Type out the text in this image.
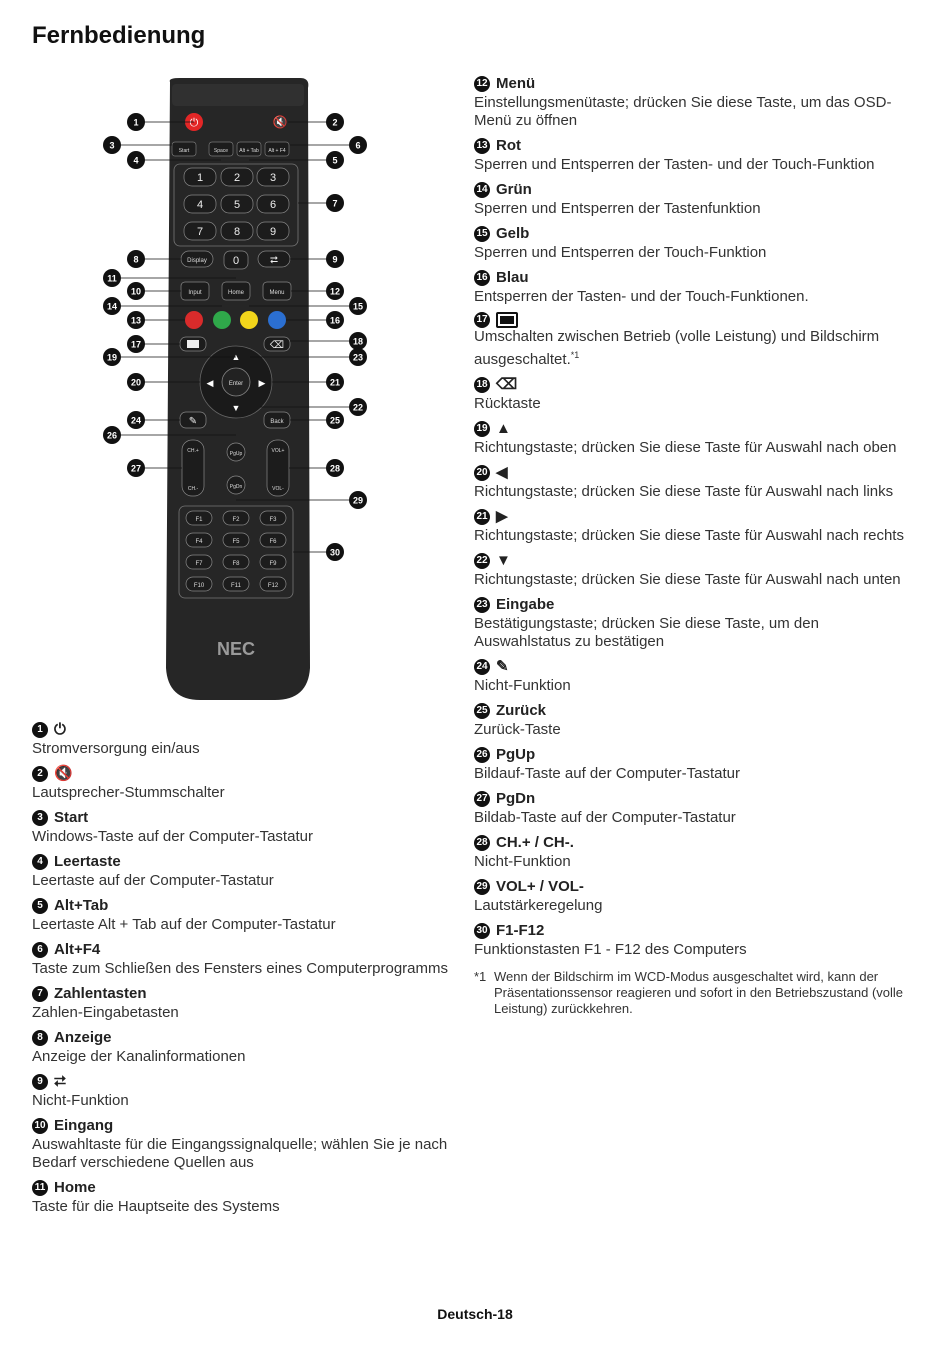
Fernbedienung
⏻	🔇
Start	Space Alt + Tab Alt + F4
1	2	3
4	5	6
7	8	9
Display 0	⮂
Input	Home	Menu
⌫
Enter
▲
▼
◀	▶
✎	Back
CH.+
CH.-
VOL+
VOL-
PgUp
PgDn
F1	F2	F3
F4	F5	F6
F7	F8	F9
F10	F11	F12
NEC
1	2
3
4	5
6
7
8	9
10
11
12
13
14	15
16
17	18
19
20	21
22
23
24	25
26
27	28
29
30
1 ⏻
Stromversorgung ein/aus
2 🔇
Lautsprecher-Stummschalter
3 Start
Windows-Taste auf der Computer-Tastatur
4 Leertaste
Leertaste auf der Computer-Tastatur
5 Alt+Tab
Leertaste Alt + Tab auf der Computer-Tastatur
6 Alt+F4
Taste zum Schließen des Fensters eines Computerprogramms
7 Zahlentasten
Zahlen-Eingabetasten
8 Anzeige
Anzeige der Kanalinformationen
9 ⮂
Nicht-Funktion
10 Eingang
Auswahltaste für die Eingangssignalquelle; wählen Sie je nach Bedarf verschiedene Quellen aus
11 Home
Taste für die Hauptseite des Systems
12 Menü
Einstellungsmenütaste; drücken Sie diese Taste, um das OSD-Menü zu öffnen
13 Rot
Sperren und Entsperren der Tasten- und der Touch-Funktion
14 Grün
Sperren und Entsperren der Tastenfunktion
15 Gelb
Sperren und Entsperren der Touch-Funktion
16 Blau
Entsperren der Tasten- und der Touch-Funktionen.
17
Umschalten zwischen Betrieb (volle Leistung) und Bildschirm ausgeschaltet.$^{*1}$
18 ⌫
Rücktaste
19 ▲
Richtungstaste; drücken Sie diese Taste für Auswahl nach oben
20 ◀
Richtungstaste; drücken Sie diese Taste für Auswahl nach links
21 ▶
Richtungstaste; drücken Sie diese Taste für Auswahl nach rechts
22 ▼
Richtungstaste; drücken Sie diese Taste für Auswahl nach unten
23 Eingabe
Bestätigungstaste; drücken Sie diese Taste, um den Auswahlstatus zu bestätigen
24 ✎
Nicht-Funktion
25 Zurück
Zurück-Taste
26 PgUp
Bildauf-Taste auf der Computer-Tastatur
27 PgDn
Bildab-Taste auf der Computer-Tastatur
28 CH.+ / CH-.
Nicht-Funktion
29 VOL+ / VOL-
Lautstärkeregelung
30 F1-F12
Funktionstasten F1 - F12 des Computers
*1 Wenn der Bildschirm im WCD-Modus ausgeschaltet wird, kann der Präsentationssensor reagieren und sofort in den Betriebszustand (volle Leistung) zurückkehren.
Deutsch-18
